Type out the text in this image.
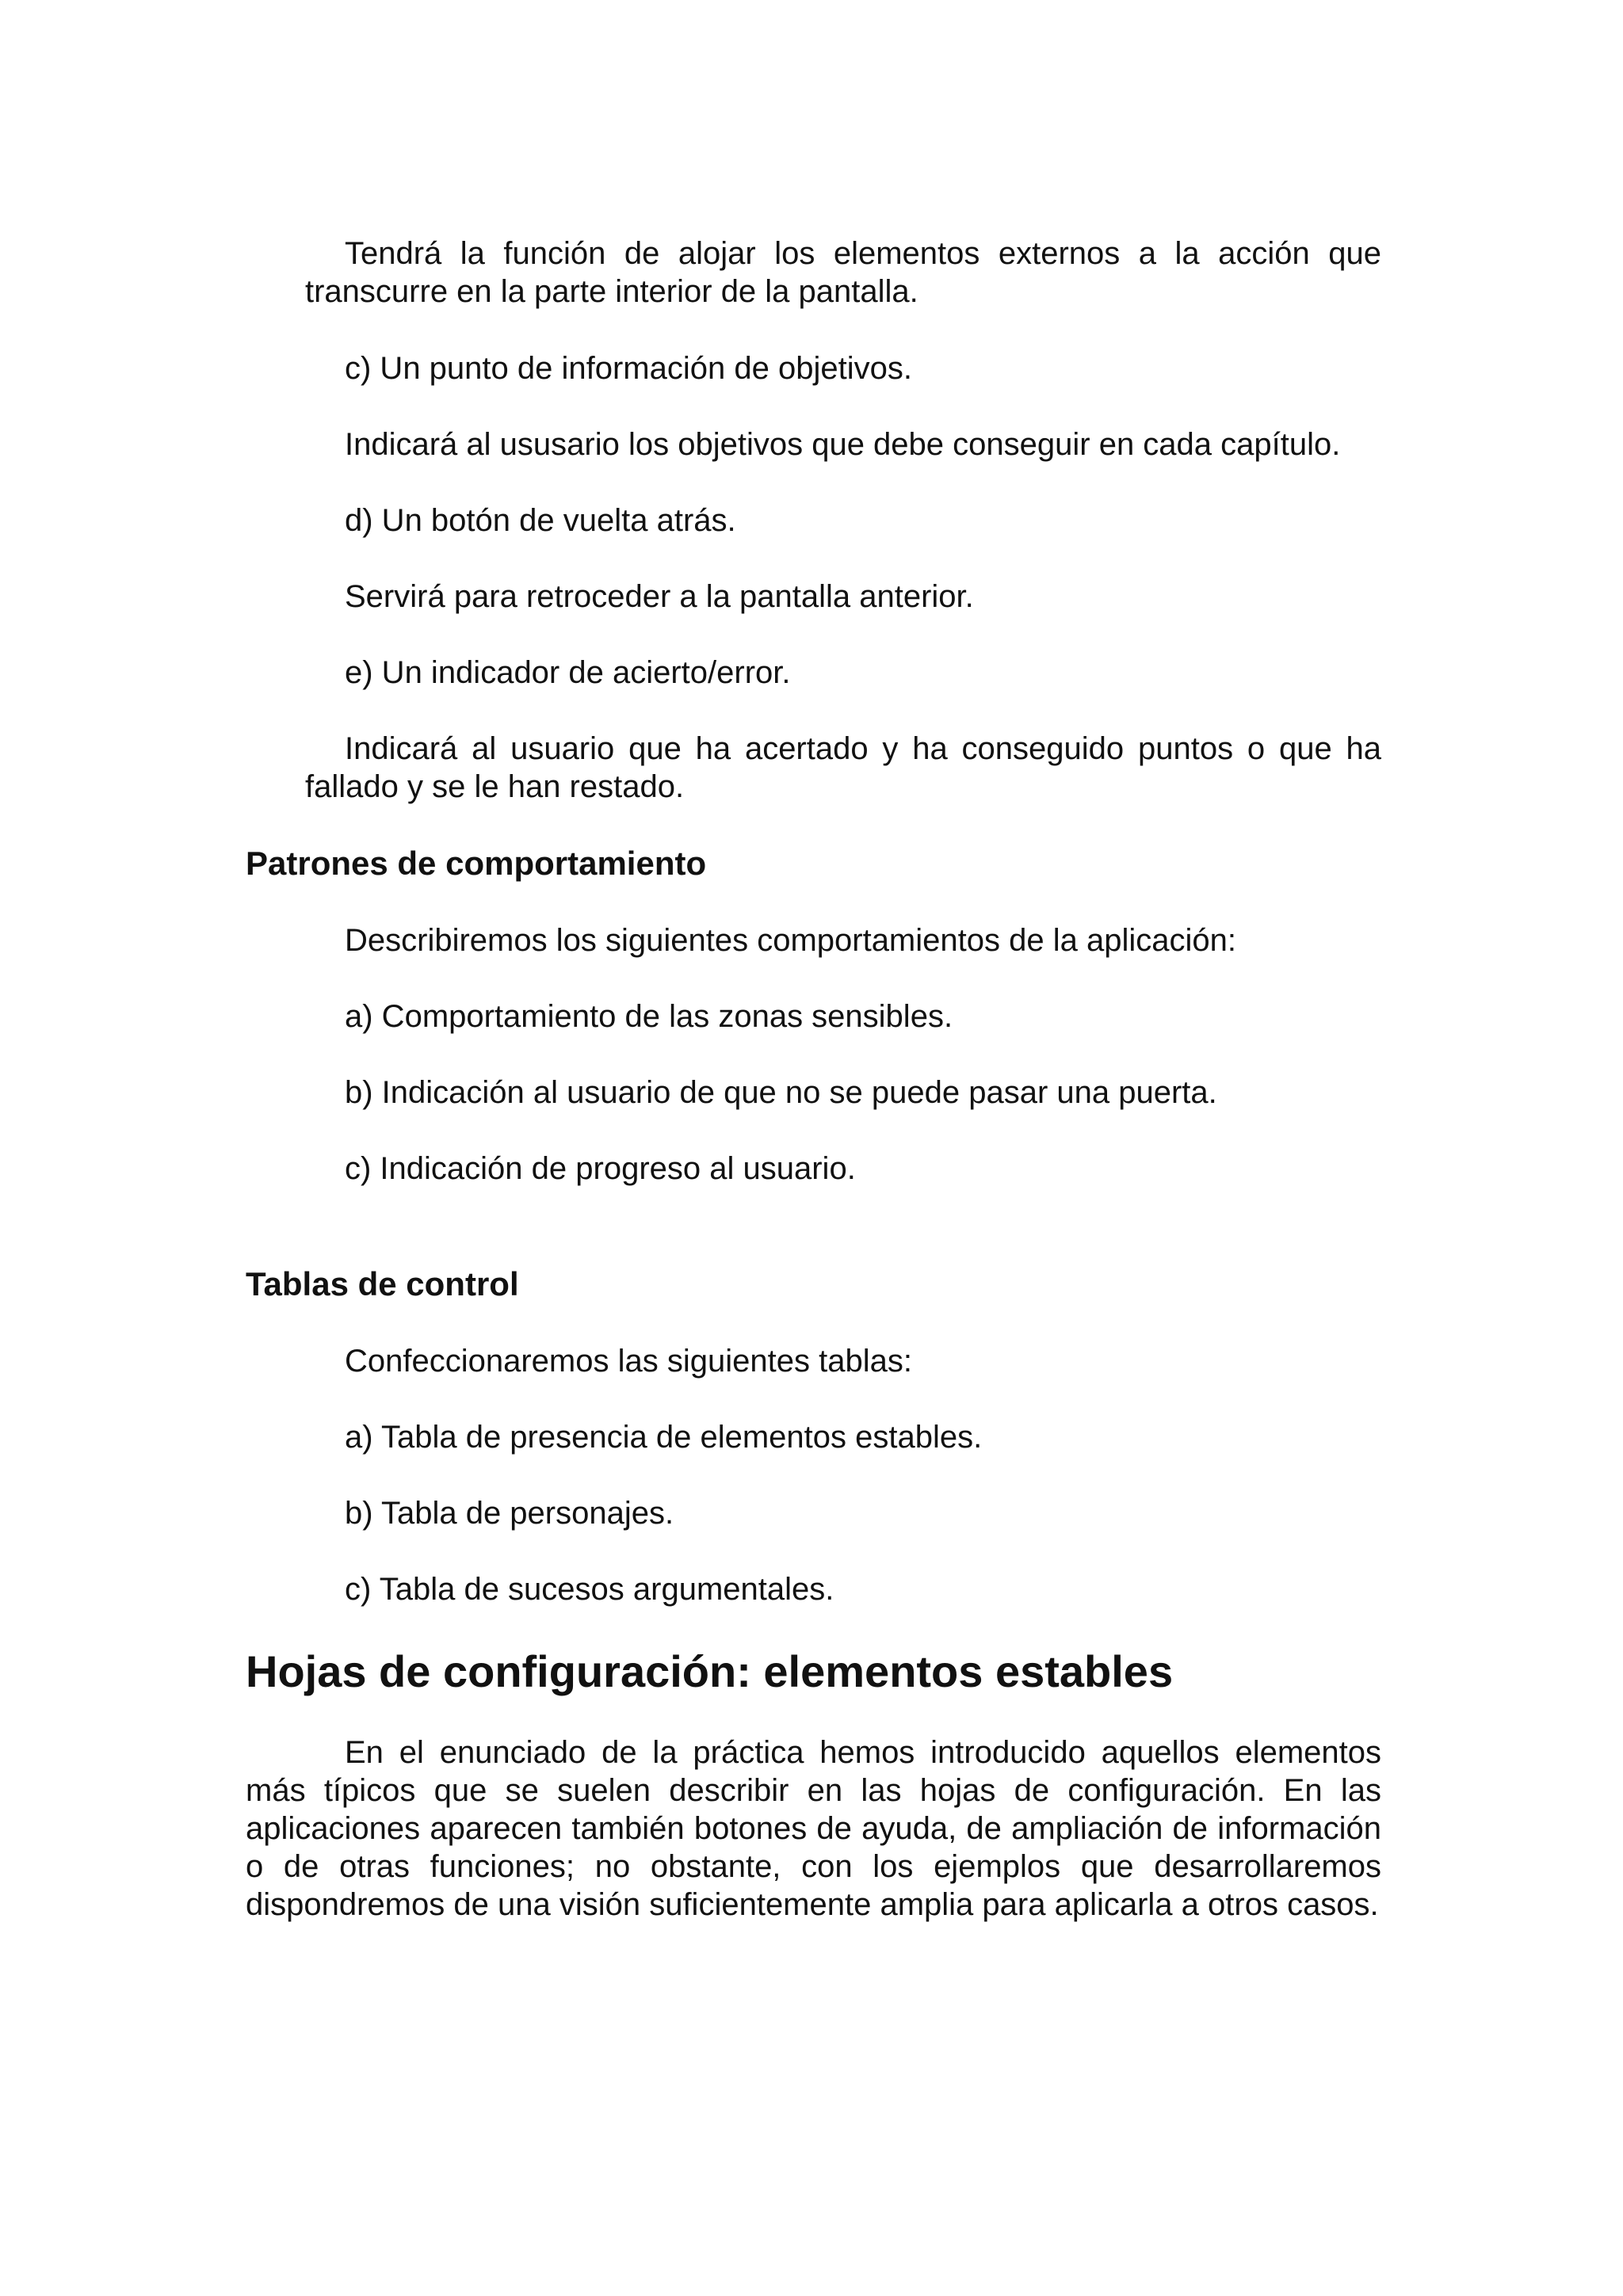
Tendrá la función de alojar los elementos externos a la acción que transcurre en la parte interior de la pantalla.

c) Un punto de información de objetivos.

Indicará al ususario los objetivos que debe conseguir en cada capítulo.

d) Un botón de vuelta atrás.

Servirá para retroceder a la pantalla anterior.

e) Un indicador de acierto/error.

Indicará al usuario que ha acertado y ha conseguido puntos o que ha fallado y se le han restado.

Patrones de comportamiento

Describiremos los siguientes comportamientos de la aplicación:

a) Comportamiento de las zonas sensibles.

b) Indicación al usuario de que no se puede pasar una puerta.

c) Indicación de progreso al usuario.

Tablas de control

Confeccionaremos las siguientes tablas:

a) Tabla de presencia de elementos estables.

b) Tabla de personajes.

c) Tabla de sucesos argumentales.

Hojas de configuración: elementos estables

En el enunciado de la práctica hemos introducido aquellos elementos más típicos que se suelen describir en las hojas de configuración. En las aplicaciones aparecen también botones de ayuda, de ampliación de información o de otras funciones; no obstante, con los ejemplos que desarrollaremos dispondremos de una visión suficientemente amplia para aplicarla a otros casos.
